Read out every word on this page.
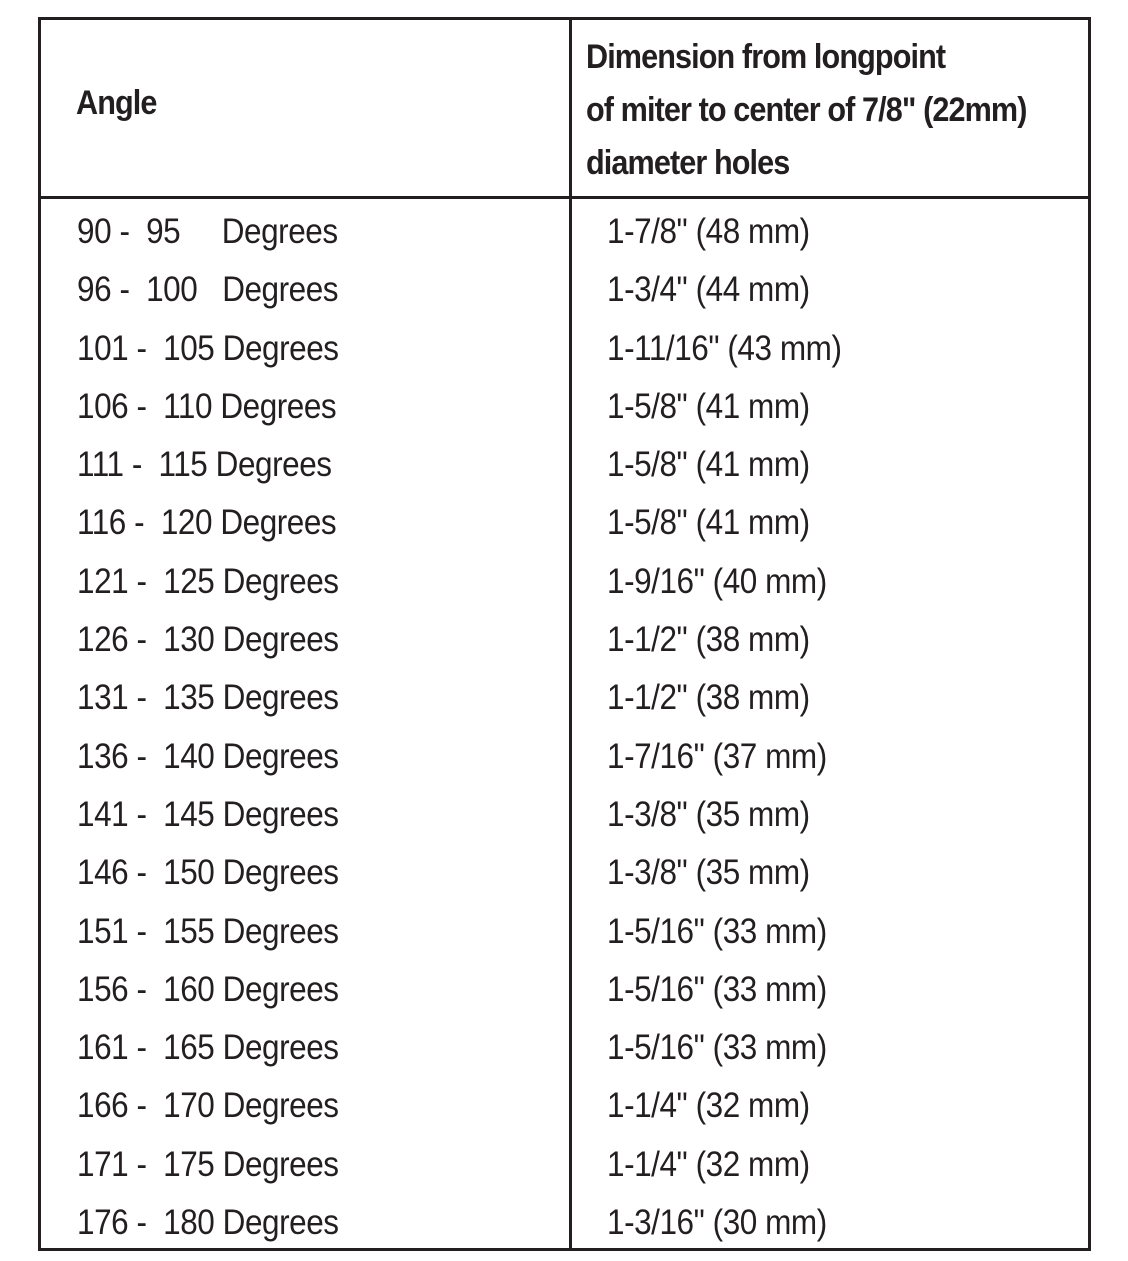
Angle
Dimension from longpoint
of miter to center of 7/8" (22mm)
diameter holes
90 -  95     Degrees	1-7/8" (48 mm)
96 -  100   Degrees	1-3/4" (44 mm)
101 -  105 Degrees	1-11/16" (43 mm)
106 -  110 Degrees	1-5/8" (41 mm)
111 -  115 Degrees	1-5/8" (41 mm)
116 -  120 Degrees	1-5/8" (41 mm)
121 -  125 Degrees	1-9/16" (40 mm)
126 -  130 Degrees	1-1/2" (38 mm)
131 -  135 Degrees	1-1/2" (38 mm)
136 -  140 Degrees	1-7/16" (37 mm)
141 -  145 Degrees	1-3/8" (35 mm)
146 -  150 Degrees	1-3/8" (35 mm)
151 -  155 Degrees	1-5/16" (33 mm)
156 -  160 Degrees	1-5/16" (33 mm)
161 -  165 Degrees	1-5/16" (33 mm)
166 -  170 Degrees	1-1/4" (32 mm)
171 -  175 Degrees	1-1/4" (32 mm)
176 -  180 Degrees	1-3/16" (30 mm)
